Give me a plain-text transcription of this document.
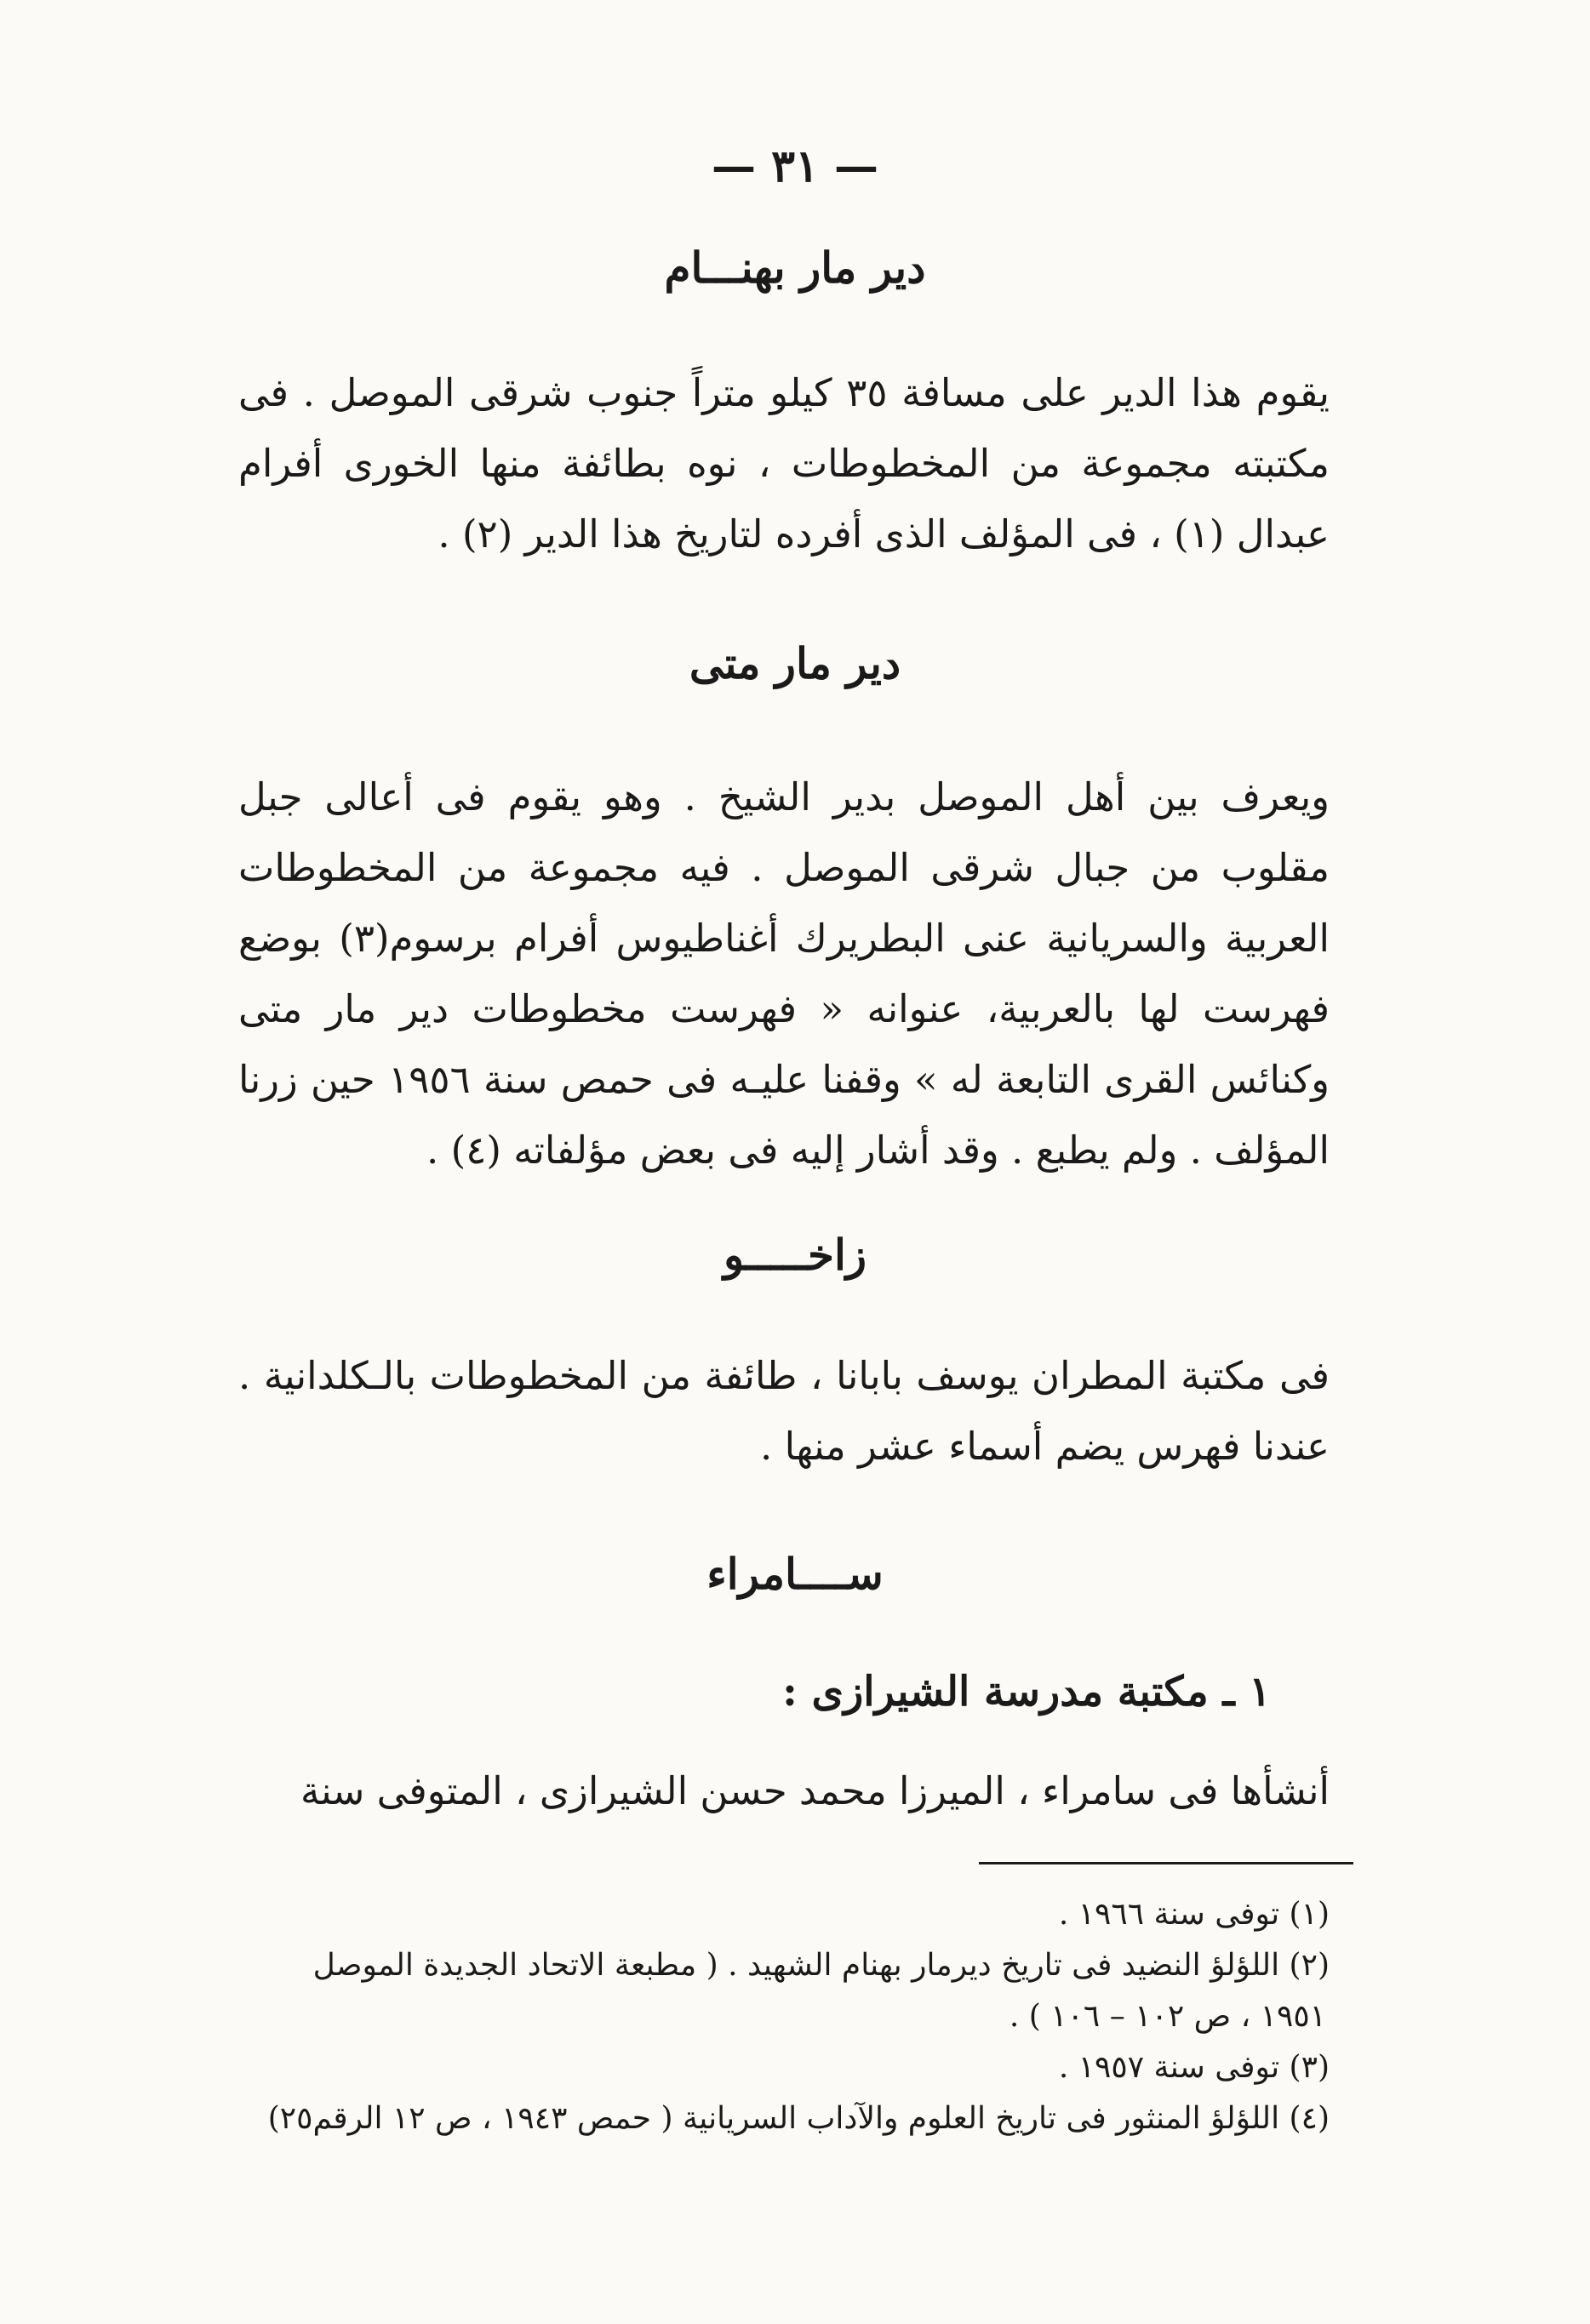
— ٣١ —
دير مار بهنـــام
يقوم هذا الدير على مسافة ٣٥ كيلو متراً جنوب شرقى الموصل . فى مكتبته مجموعة من المخطوطات ، نوه بطائفة منها الخورى أفرام عبدال (١) ، فى المؤلف الذى أفرده لتاريخ هذا الدير (٢) .
دير مار متى
ويعرف بين أهل الموصل بدير الشيخ . وهو يقوم فى أعالى جبل مقلوب من جبال شرقى الموصل . فيه مجموعة من المخطوطات العربية والسريانية عنى البطريرك أغناطيوس أفرام برسوم(٣) بوضع فهرست لها بالعربية، عنوانه « فهرست مخطوطات دير مار متى وكنائس القرى التابعة له » وقفنا عليـه فى حمص سنة ١٩٥٦ حين زرنا المؤلف . ولم يطبع . وقد أشار إليه فى بعض مؤلفاته (٤) .
زاخـــــو
فى مكتبة المطران يوسف بابانا ، طائفة من المخطوطات بالـكلدانية . عندنا فهرس يضم أسماء عشر منها .
ســــامراء
١ ـ مكتبة مدرسة الشيرازى :
أنشأها فى سامراء ، الميرزا محمد حسن الشيرازى ، المتوفى سنة
(١) توفى سنة ١٩٦٦ .
(٢) اللؤلؤ النضيد فى تاريخ ديرمار بهنام الشهيد . ( مطبعة الاتحاد الجديدة الموصل
١٩٥١ ، ص ١٠٢ – ١٠٦ ) .
(٣) توفى سنة ١٩٥٧ .
(٤) اللؤلؤ المنثور فى تاريخ العلوم والآداب السريانية ( حمص ١٩٤٣ ، ص ١٢ الرقم٢٥)
